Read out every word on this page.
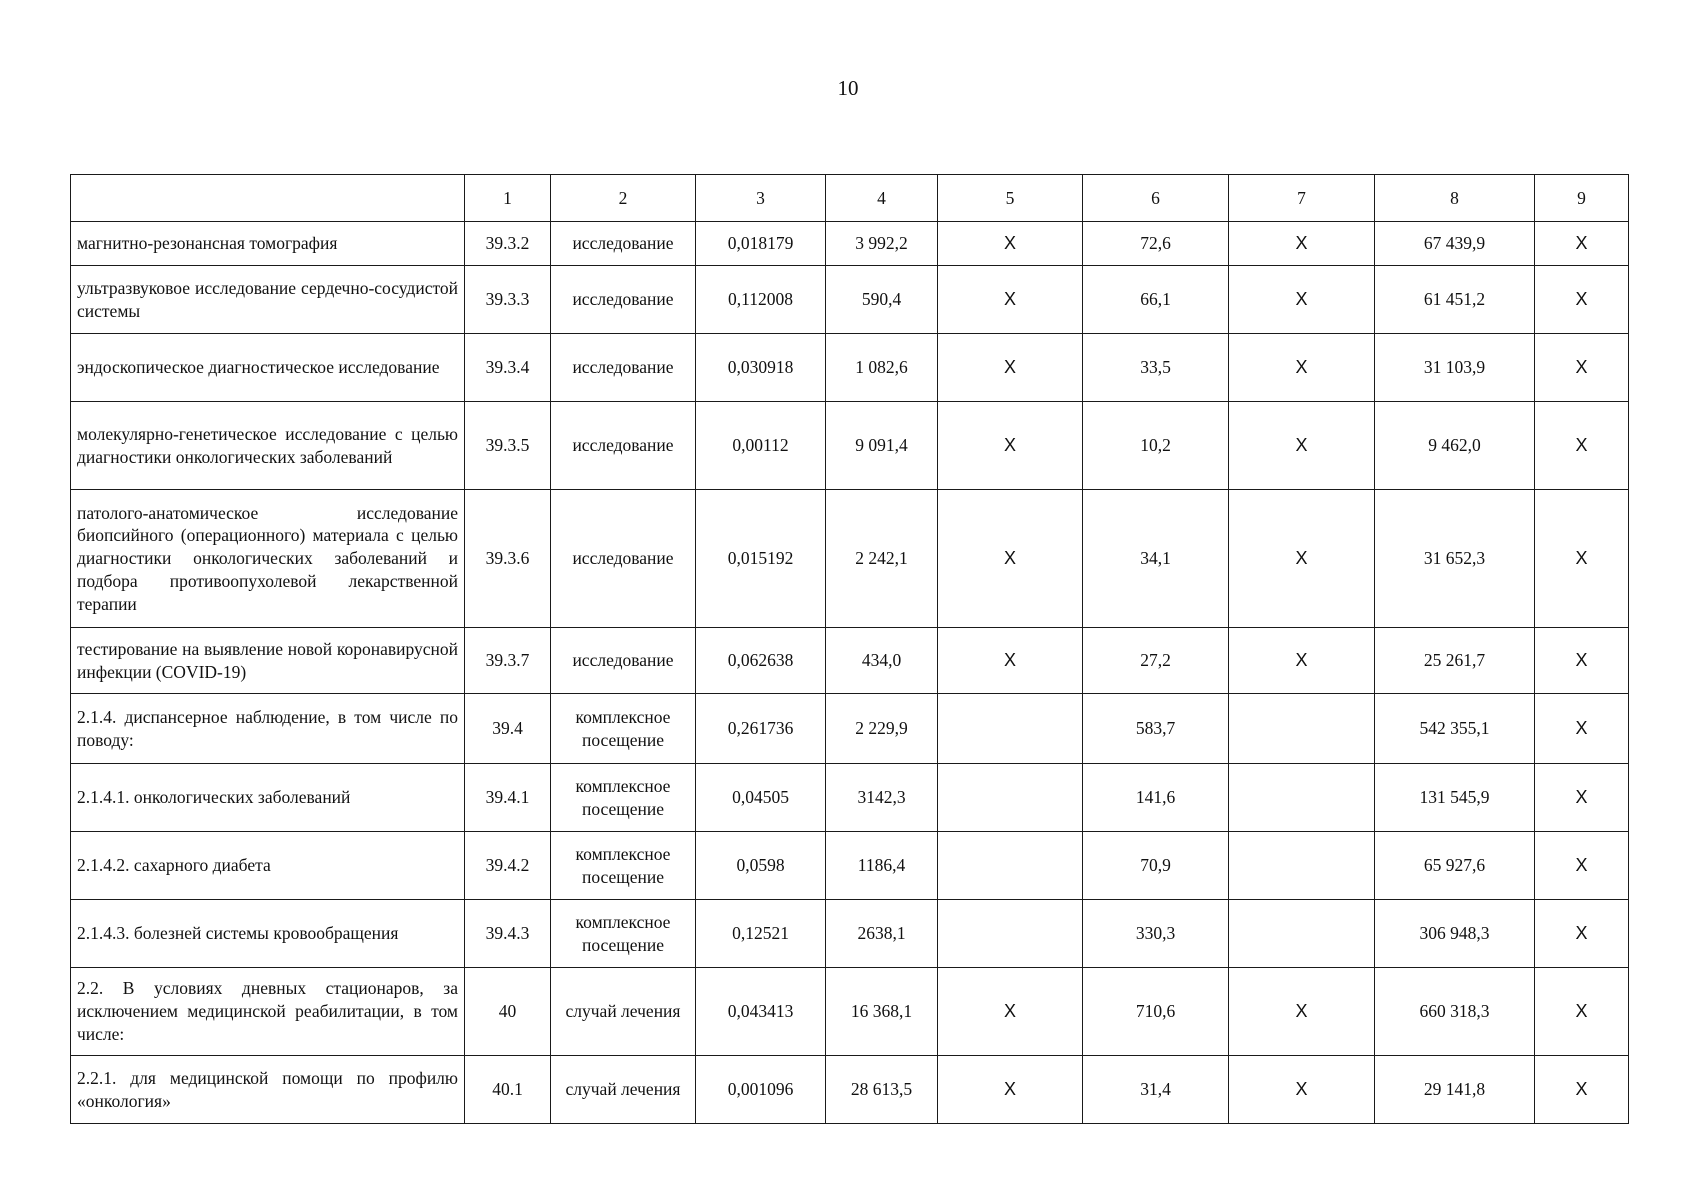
10
	1	2	3	4	5	6	7	8	9
магнитно-резонансная томография	39.3.2	исследование	0,018179	3 992,2	X	72,6	X	67 439,9	X
ультразвуковое исследование сердечно-сосудистой системы	39.3.3	исследование	0,112008	590,4	X	66,1	X	61 451,2	X
эндоскопическое диагностическое исследование	39.3.4	исследование	0,030918	1 082,6	X	33,5	X	31 103,9	X
молекулярно-генетическое исследование с целью диагностики онкологических заболеваний	39.3.5	исследование	0,00112	9 091,4	X	10,2	X	9 462,0	X
патолого-анатомическое исследование биопсийного (операционного) материала с целью диагностики онкологических заболеваний и подбора противоопухолевой лекарственной терапии	39.3.6	исследование	0,015192	2 242,1	X	34,1	X	31 652,3	X
тестирование на выявление новой коронавирусной инфекции (COVID-19)	39.3.7	исследование	0,062638	434,0	X	27,2	X	25 261,7	X
2.1.4. диспансерное наблюдение, в том числе по поводу:	39.4	комплексное посещение	0,261736	2 229,9		583,7		542 355,1	X
2.1.4.1. онкологических заболеваний	39.4.1	комплексное посещение	0,04505	3142,3		141,6		131 545,9	X
2.1.4.2. сахарного диабета	39.4.2	комплексное посещение	0,0598	1186,4		70,9		65 927,6	X
2.1.4.3. болезней системы кровообращения	39.4.3	комплексное посещение	0,12521	2638,1		330,3		306 948,3	X
2.2. В условиях дневных стационаров, за исключением медицинской реабилитации, в том числе:	40	случай лечения	0,043413	16 368,1	X	710,6	X	660 318,3	X
2.2.1. для медицинской помощи по профилю «онкология»	40.1	случай лечения	0,001096	28 613,5	X	31,4	X	29 141,8	X
